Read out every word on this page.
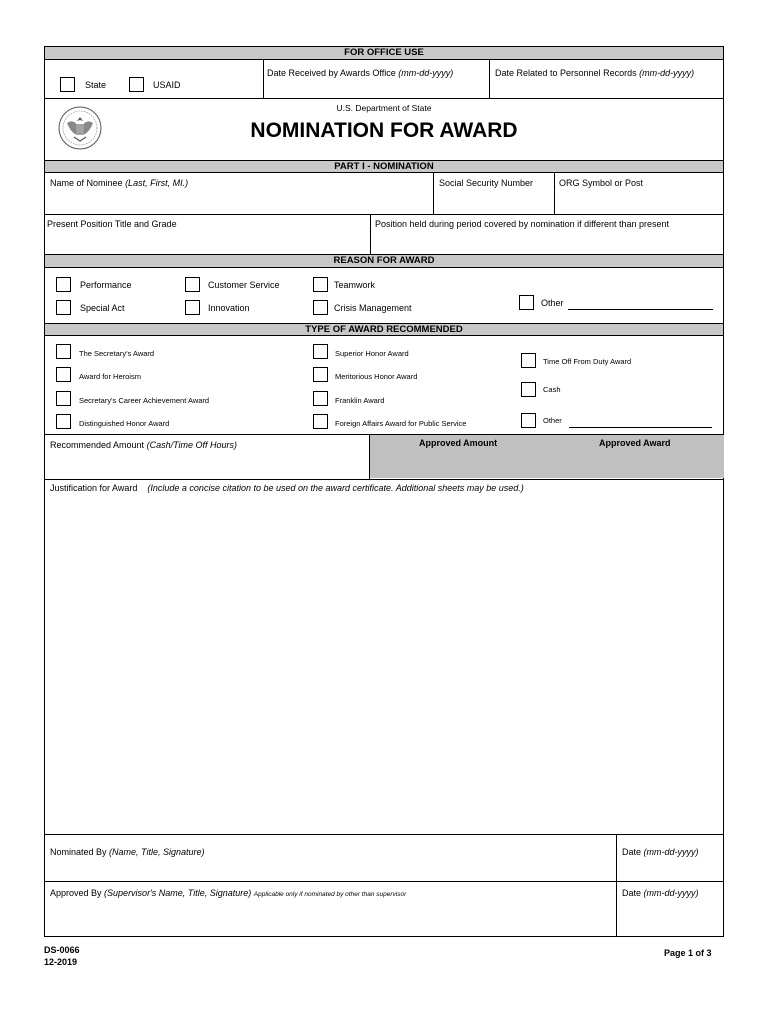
FOR OFFICE USE
State	USAID
Date Received by Awards Office (mm-dd-yyyy)	Date Related to Personnel Records (mm-dd-yyyy)
U.S. Department of State
NOMINATION FOR AWARD
PART I - NOMINATION
Name of Nominee (Last, First, MI.)	Social Security Number	ORG Symbol or Post
Present Position Title and Grade	Position held during period covered by nomination if different than present
REASON FOR AWARD
Performance	Customer Service	Teamwork
Special Act	Innovation	Crisis Management	Other
TYPE OF AWARD RECOMMENDED
The Secretary's Award
Award for Heroism
Secretary's Career Achievement Award
Distinguished Honor Award
Superior Honor Award
Meritorious Honor Award
Franklin Award
Foreign Affairs Award for Public Service
Time Off From Duty Award
Cash
Other
Recommended Amount (Cash/Time Off Hours)	Approved Amount	Approved Award
Justification for Award (Include a concise citation to be used on the award certificate. Additional sheets may be used.)
Nominated By (Name, Title, Signature)	Date (mm-dd-yyyy)
Approved By (Supervisor's Name, Title, Signature) Applicable only if nominated by other than supervisor	Date (mm-dd-yyyy)
DS-0066
12-2019
Page 1 of 3
